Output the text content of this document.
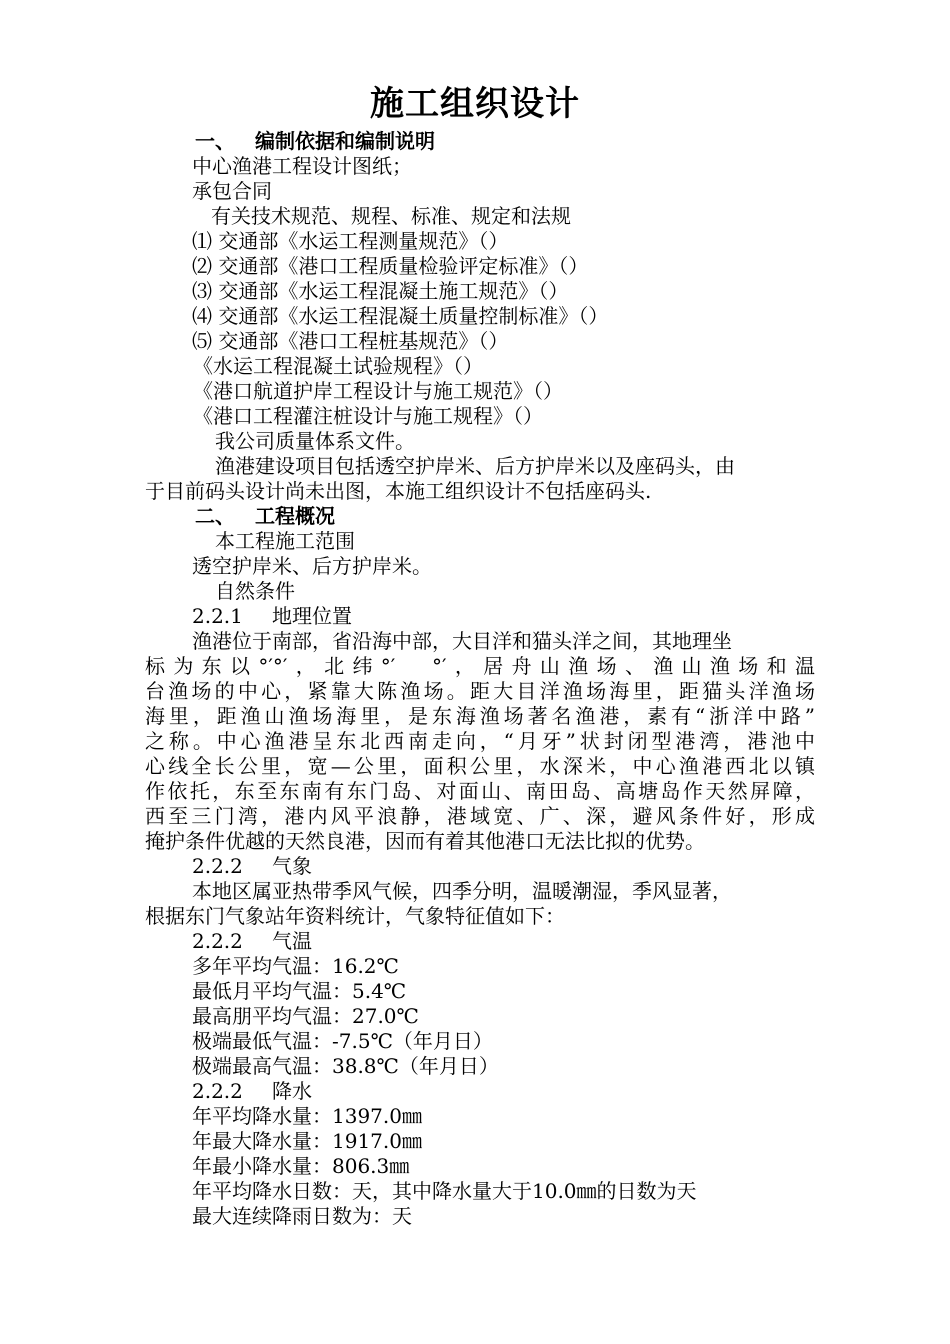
施工组织设计
一、 编制依据和编制说明
中心渔港工程设计图纸；
承包合同
有关技术规范、规程、标准、规定和法规
⑴ 交通部《水运工程测量规范》（）
⑵ 交通部《港口工程质量检验评定标准》（）
⑶ 交通部《水运工程混凝土施工规范》（）
⑷ 交通部《水运工程混凝土质量控制标准》（）
⑸ 交通部《港口工程桩基规范》（）
《水运工程混凝土试验规程》（）
《港口航道护岸工程设计与施工规范》（）
《港口工程灌注桩设计与施工规程》（）
我公司质量体系文件。
渔港建设项目包括透空护岸米、后方护岸米以及座码头，由
于目前码头设计尚未出图，本施工组织设计不包括座码头.
二、 工程概况
本工程施工范围
透空护岸米、后方护岸米。
自然条件
2.2.1 地理位置
渔港位于南部，省沿海中部，大目洋和猫头洋之间，其地理坐
标为东以°′°′，北纬°′　°′，居舟山渔场、渔山渔场和温
台渔场的中心，紧靠大陈渔场。距大目洋渔场海里，距猫头洋渔场
海里，距渔山渔场海里，是东海渔场著名渔港，素有“浙洋中路”
之称。中心渔港呈东北西南走向，“月牙”状封闭型港湾，港池中
心线全长公里，宽—公里，面积公里，水深米，中心渔港西北以镇
作依托，东至东南有东门岛、对面山、南田岛、高塘岛作天然屏障，
西至三门湾，港内风平浪静，港域宽、广、深，避风条件好，形成
掩护条件优越的天然良港，因而有着其他港口无法比拟的优势。
2.2.2 气象
本地区属亚热带季风气候，四季分明，温暖潮湿，季风显著，
根据东门气象站年资料统计，气象特征值如下：
2.2.2 气温
多年平均气温：16.2℃
最低月平均气温：5.4℃
最高朋平均气温：27.0℃
极端最低气温：-7.5℃（年月日）
极端最高气温：38.8℃（年月日）
2.2.2 降水
年平均降水量：1397.0㎜
年最大降水量：1917.0㎜
年最小降水量：806.3㎜
年平均降水日数：天，其中降水量大于10.0㎜的日数为天
最大连续降雨日数为：天
